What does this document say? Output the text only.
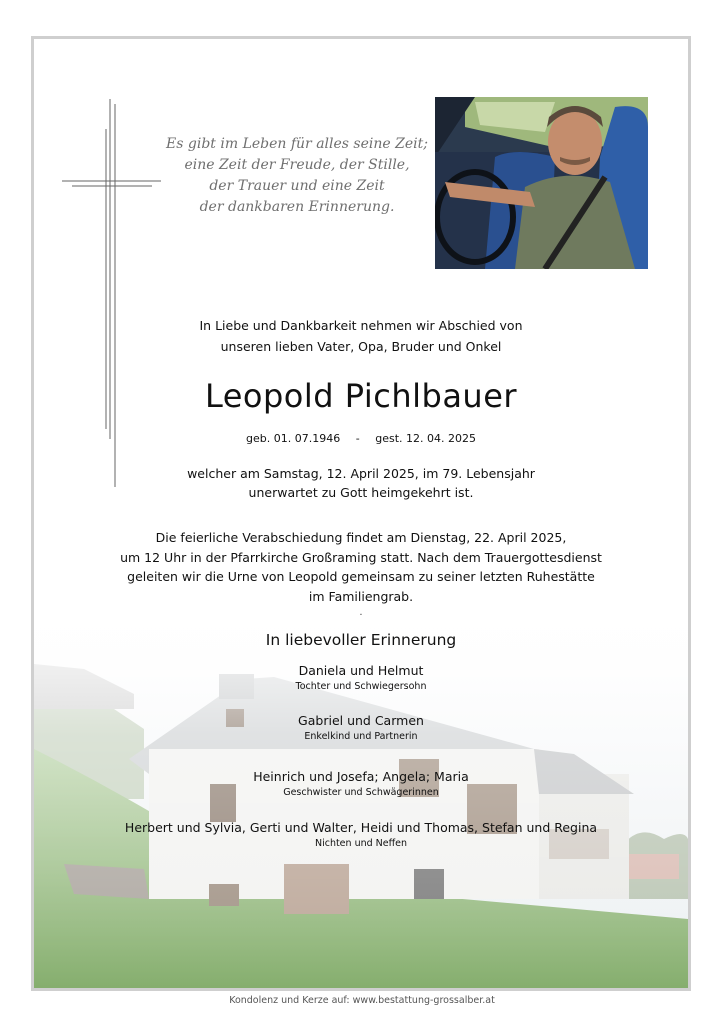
Es gibt im Leben für alles seine Zeit;
eine Zeit der Freude, der Stille,
der Trauer und eine Zeit
der dankbaren Erinnerung.
In Liebe und Dankbarkeit nehmen wir Abschied von
unseren lieben Vater, Opa, Bruder und Onkel
Leopold Pichlbauer
geb. 01. 07.1946 - gest. 12. 04. 2025
welcher am Samstag, 12. April 2025, im 79. Lebensjahr
unerwartet zu Gott heimgekehrt ist.
Die feierliche Verabschiedung findet am Dienstag, 22. April 2025,
um 12 Uhr in der Pfarrkirche Großraming statt. Nach dem Trauergottesdienst
geleiten wir die Urne von Leopold gemeinsam zu seiner letzten Ruhestätte
im Familiengrab.
.
In liebevoller Erinnerung
Daniela und Helmut
Tochter und Schwiegersohn
Gabriel und Carmen
Enkelkind und Partnerin
Heinrich und Josefa; Angela; Maria
Geschwister und Schwägerinnen
Herbert und Sylvia, Gerti und Walter, Heidi und Thomas, Stefan und Regina
Nichten und Neffen
Kondolenz und Kerze auf: www.bestattung-grossalber.at
